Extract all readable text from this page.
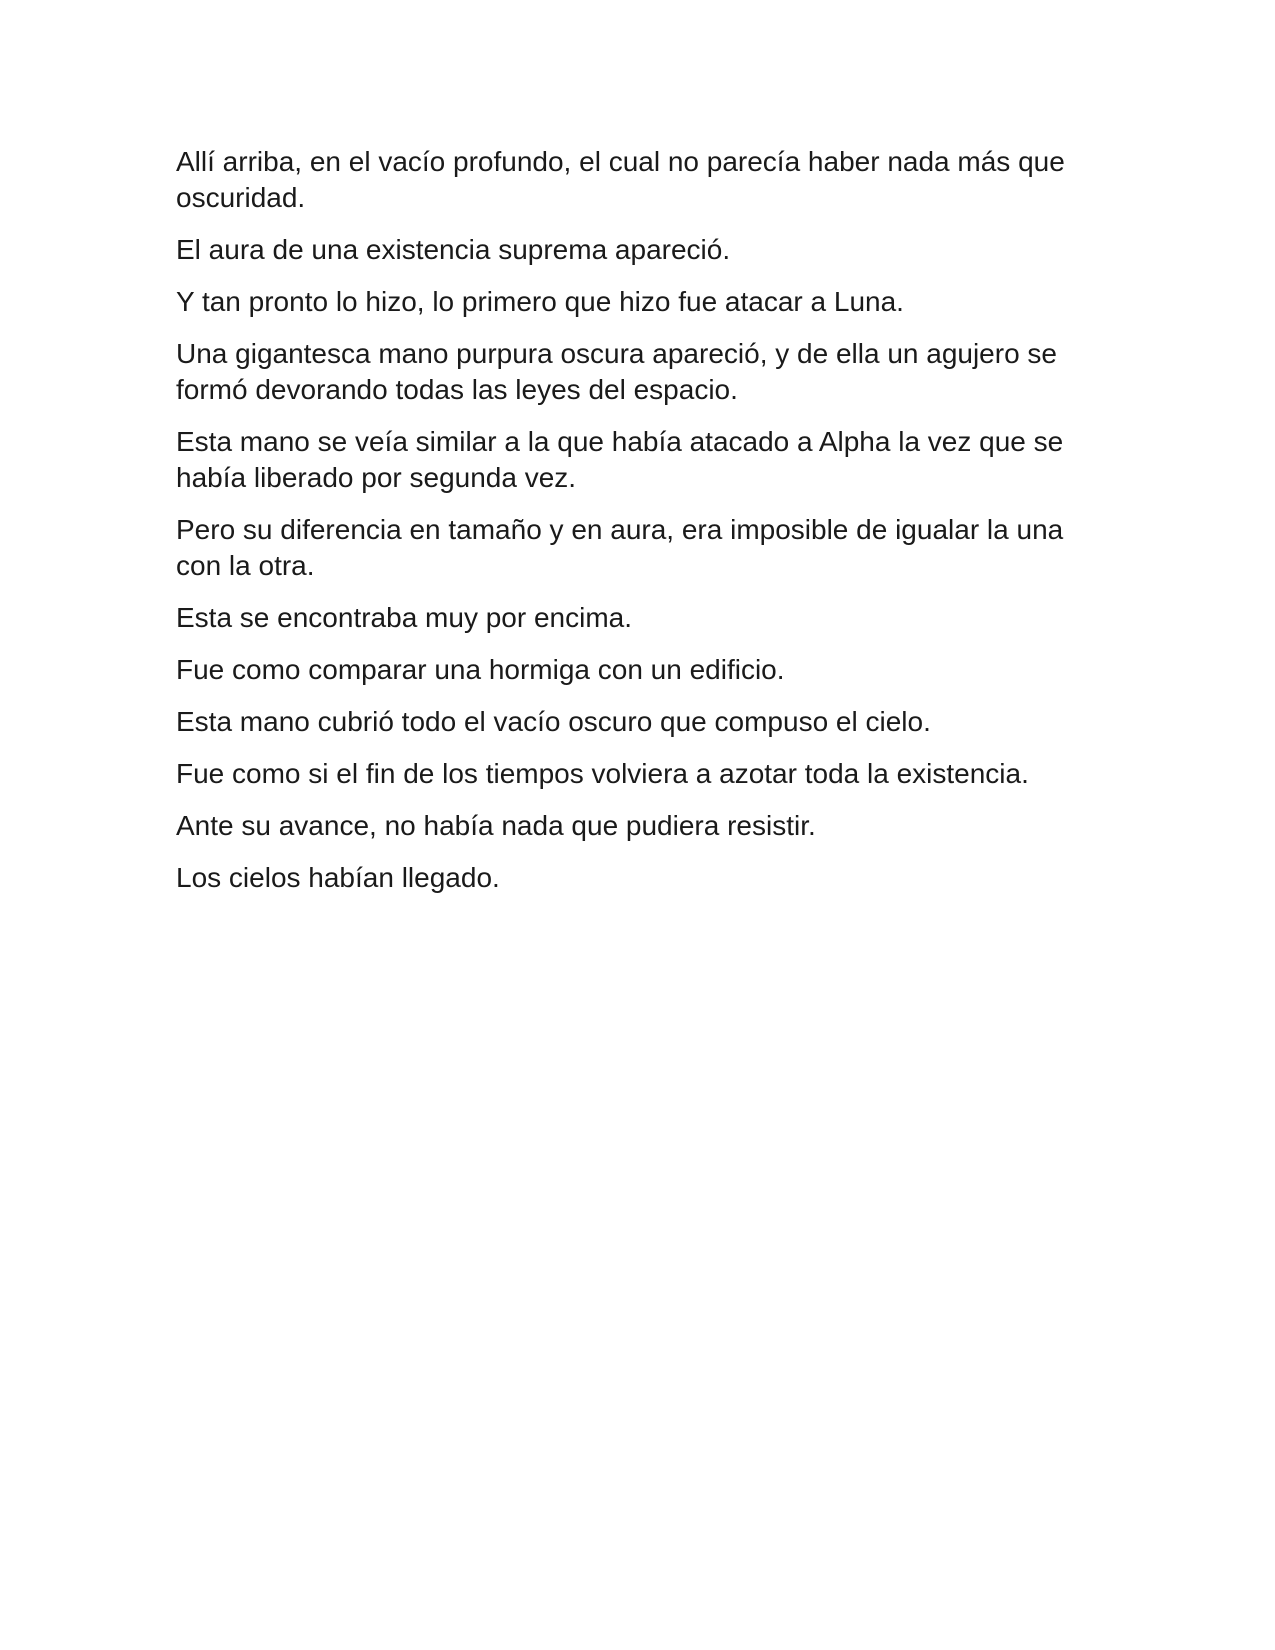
Allí arriba, en el vacío profundo, el cual no parecía haber nada más que oscuridad.

El aura de una existencia suprema apareció.

Y tan pronto lo hizo, lo primero que hizo fue atacar a Luna.

Una gigantesca mano purpura oscura apareció, y de ella un agujero se formó devorando todas las leyes del espacio.

Esta mano se veía similar a la que había atacado a Alpha la vez que se había liberado por segunda vez.

Pero su diferencia en tamaño y en aura, era imposible de igualar la una con la otra.

Esta se encontraba muy por encima.

Fue como comparar una hormiga con un edificio.

Esta mano cubrió todo el vacío oscuro que compuso el cielo.

Fue como si el fin de los tiempos volviera a azotar toda la existencia.

Ante su avance, no había nada que pudiera resistir.

Los cielos habían llegado.
